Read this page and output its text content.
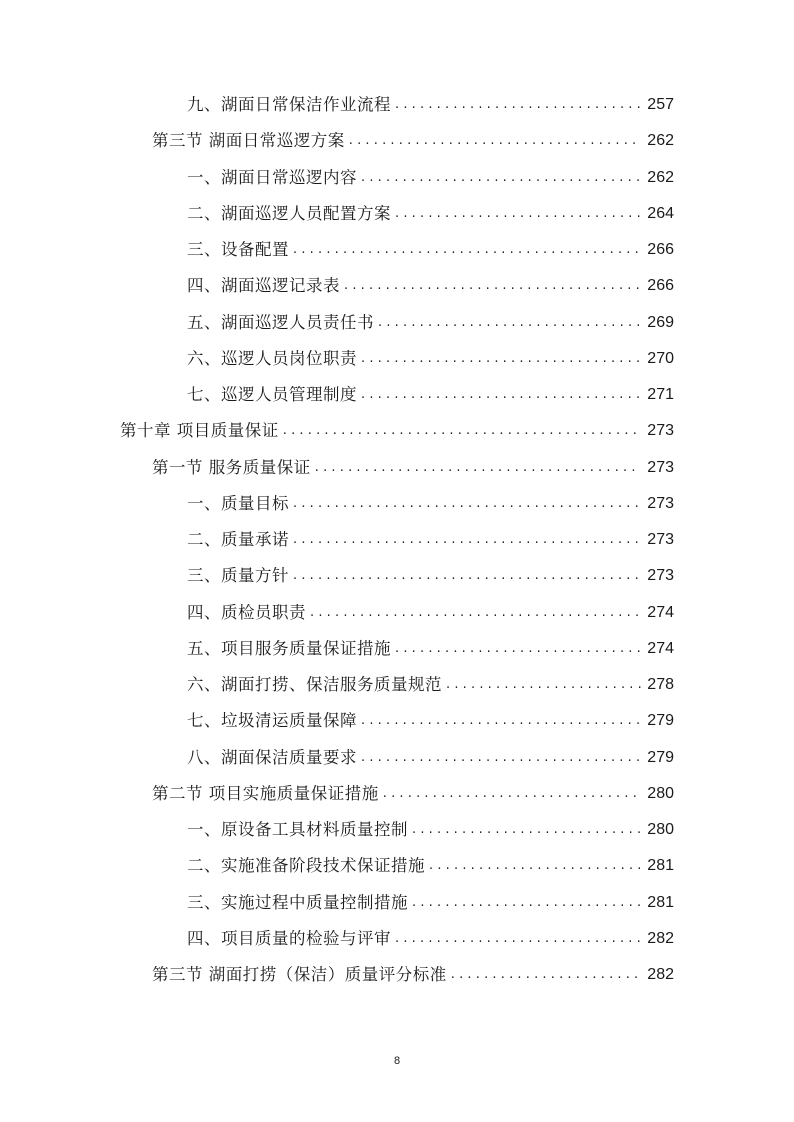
九、湖面日常保洁作业流程 .....	257
第三节 湖面日常巡逻方案 .....	262
一、湖面日常巡逻内容 .....	262
二、湖面巡逻人员配置方案 .....	264
三、设备配置 .....	266
四、湖面巡逻记录表 .....	266
五、湖面巡逻人员责任书 .....	269
六、巡逻人员岗位职责 .....	270
七、巡逻人员管理制度 .....	271
第十章 项目质量保证 .....	273
第一节 服务质量保证 .....	273
一、质量目标 .....	273
二、质量承诺 .....	273
三、质量方针 .....	273
四、质检员职责 .....	274
五、项目服务质量保证措施 .....	274
六、湖面打捞、保洁服务质量规范 .....	278
七、垃圾清运质量保障 .....	279
八、湖面保洁质量要求 .....	279
第二节 项目实施质量保证措施 .....	280
一、原设备工具材料质量控制 .....	280
二、实施准备阶段技术保证措施 .....	281
三、实施过程中质量控制措施 .....	281
四、项目质量的检验与评审 .....	282
第三节 湖面打捞（保洁）质量评分标准 .....	282
8
